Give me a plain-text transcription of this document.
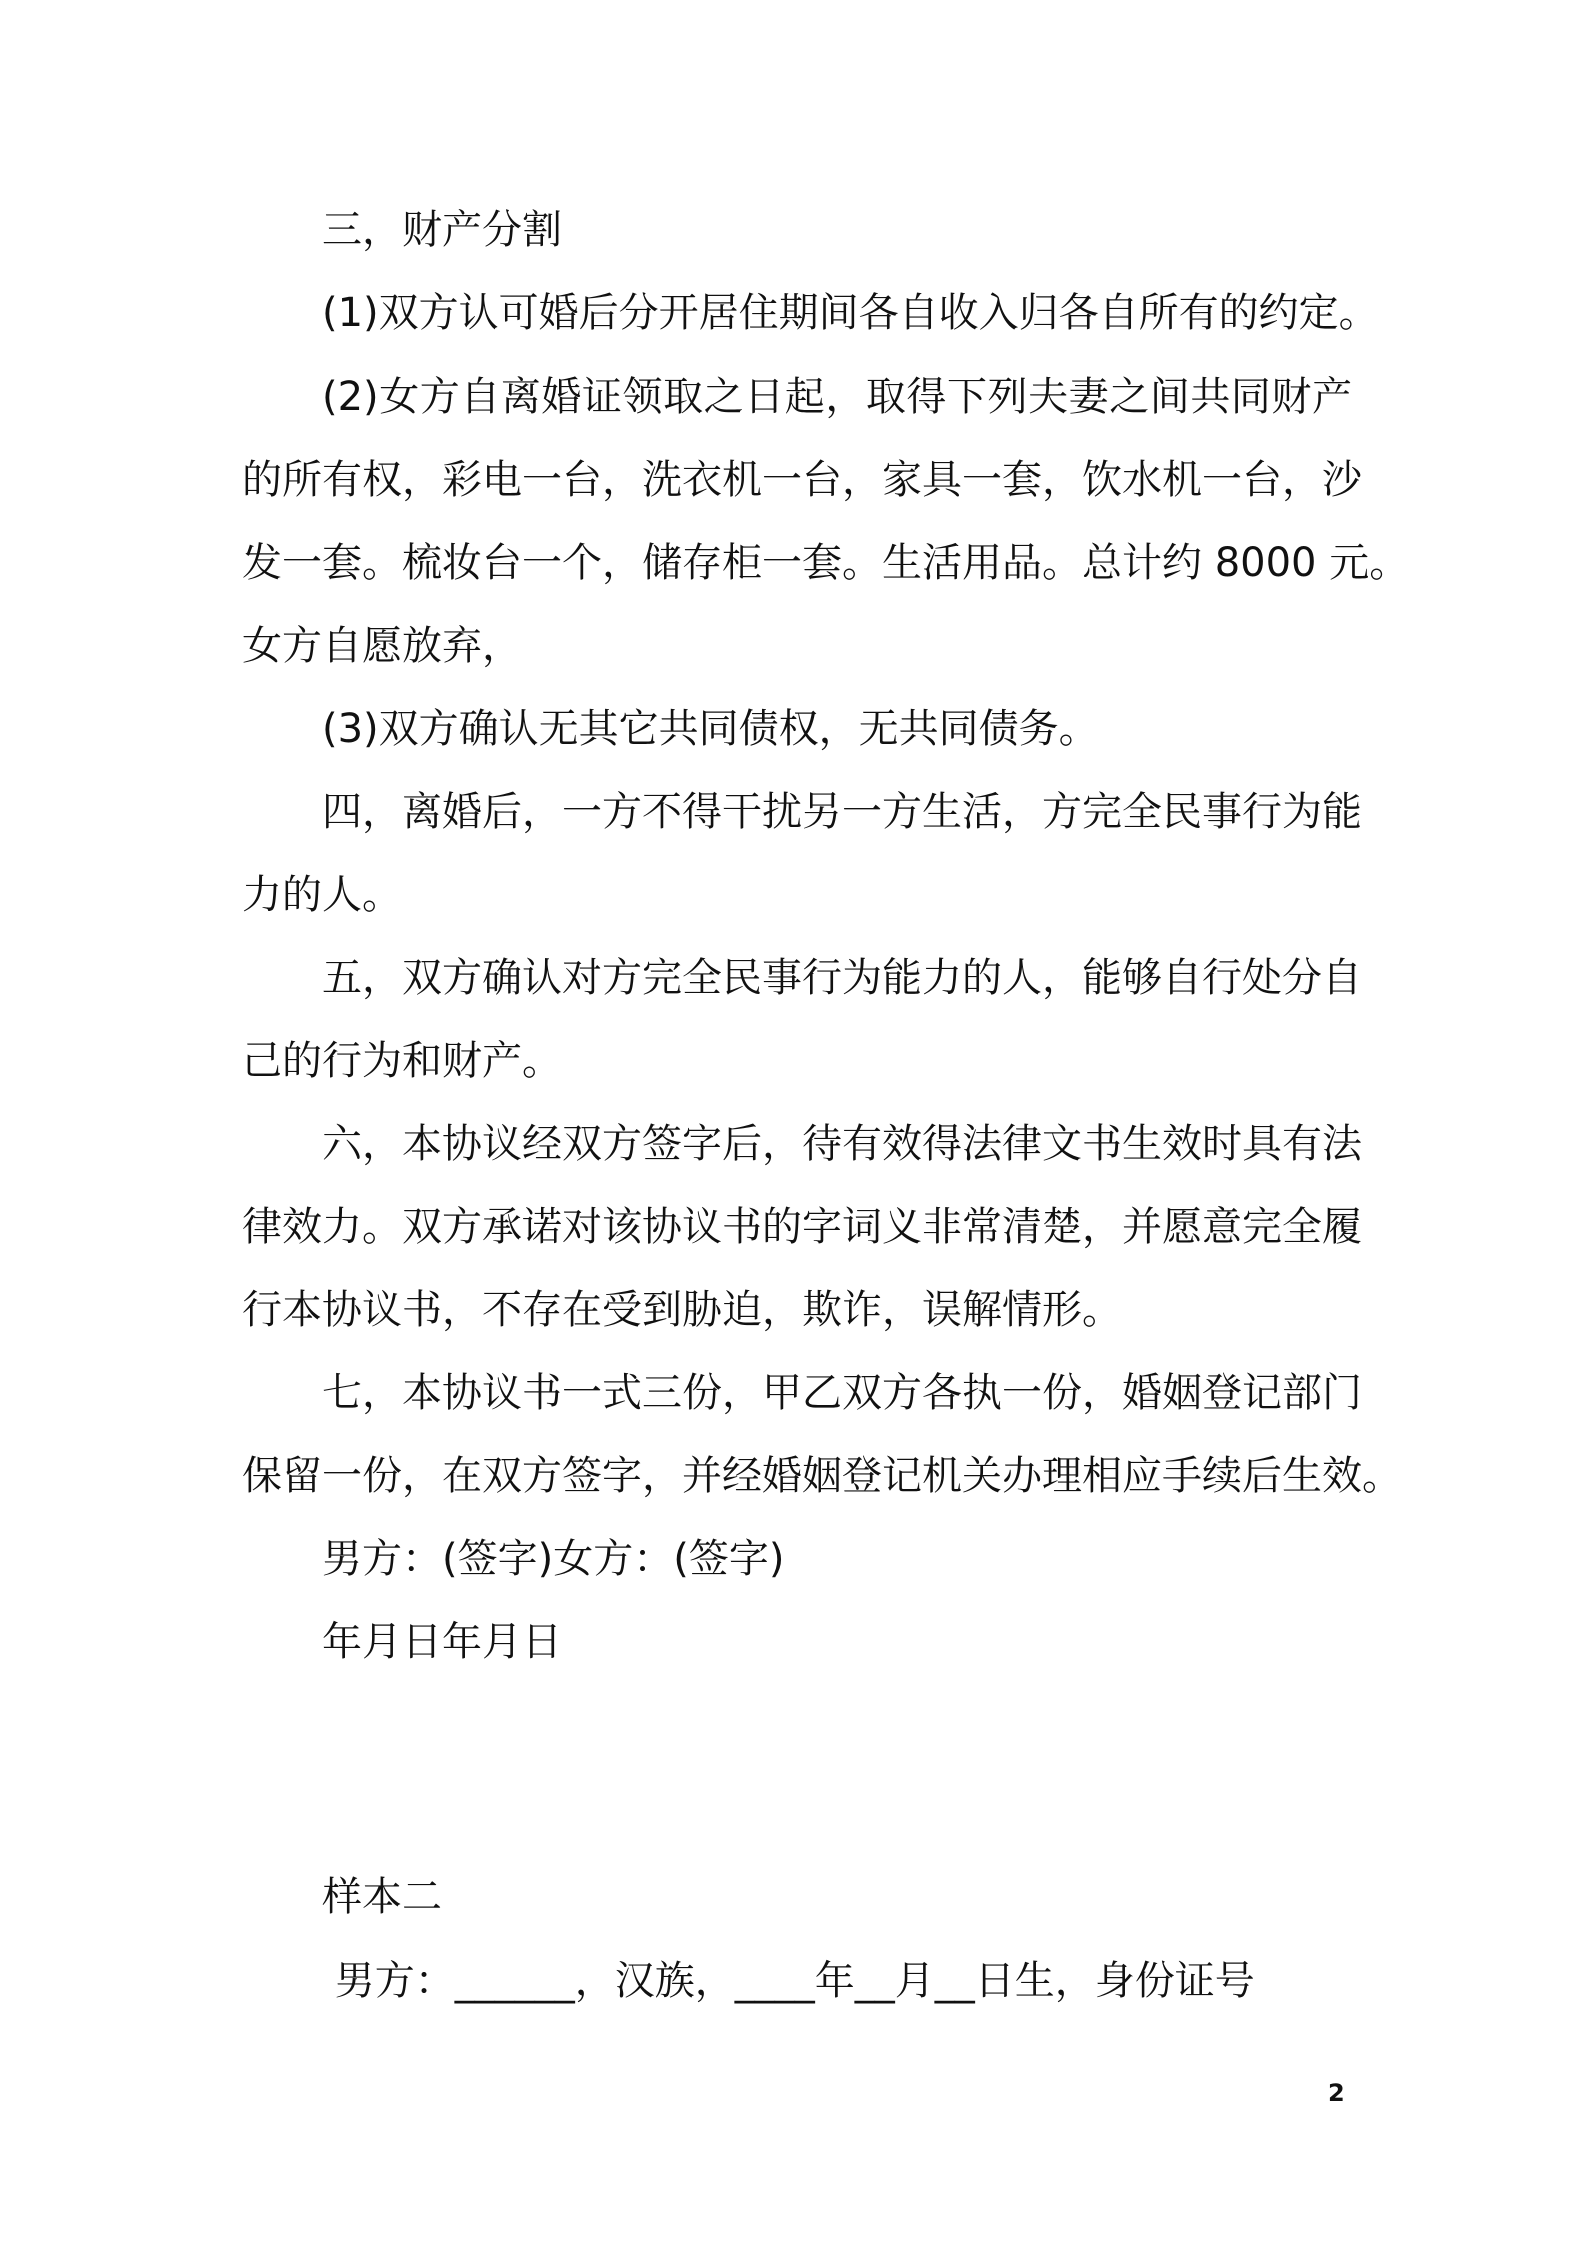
三，财产分割
(1)双方认可婚后分开居住期间各自收入归各自所有的约定。
(2)女方自离婚证领取之日起，取得下列夫妻之间共同财产
的所有权，彩电一台，洗衣机一台，家具一套，饮水机一台，沙
发一套。梳妆台一个，储存柜一套。生活用品。总计约 8000 元。
女方自愿放弃，
(3)双方确认无其它共同债权，无共同债务。
四，离婚后，一方不得干扰另一方生活，方完全民事行为能
力的人。
五，双方确认对方完全民事行为能力的人，能够自行处分自
己的行为和财产。
六，本协议经双方签字后，待有效得法律文书生效时具有法
律效力。双方承诺对该协议书的字词义非常清楚，并愿意完全履
行本协议书，不存在受到胁迫，欺诈，误解情形。
七，本协议书一式三份，甲乙双方各执一份，婚姻登记部门
保留一份，在双方签字，并经婚姻登记机关办理相应手续后生效。
男方：(签字)女方：(签字)
年月日年月日
样本二
男方：______，汉族，____年__月__日生，身份证号
2
